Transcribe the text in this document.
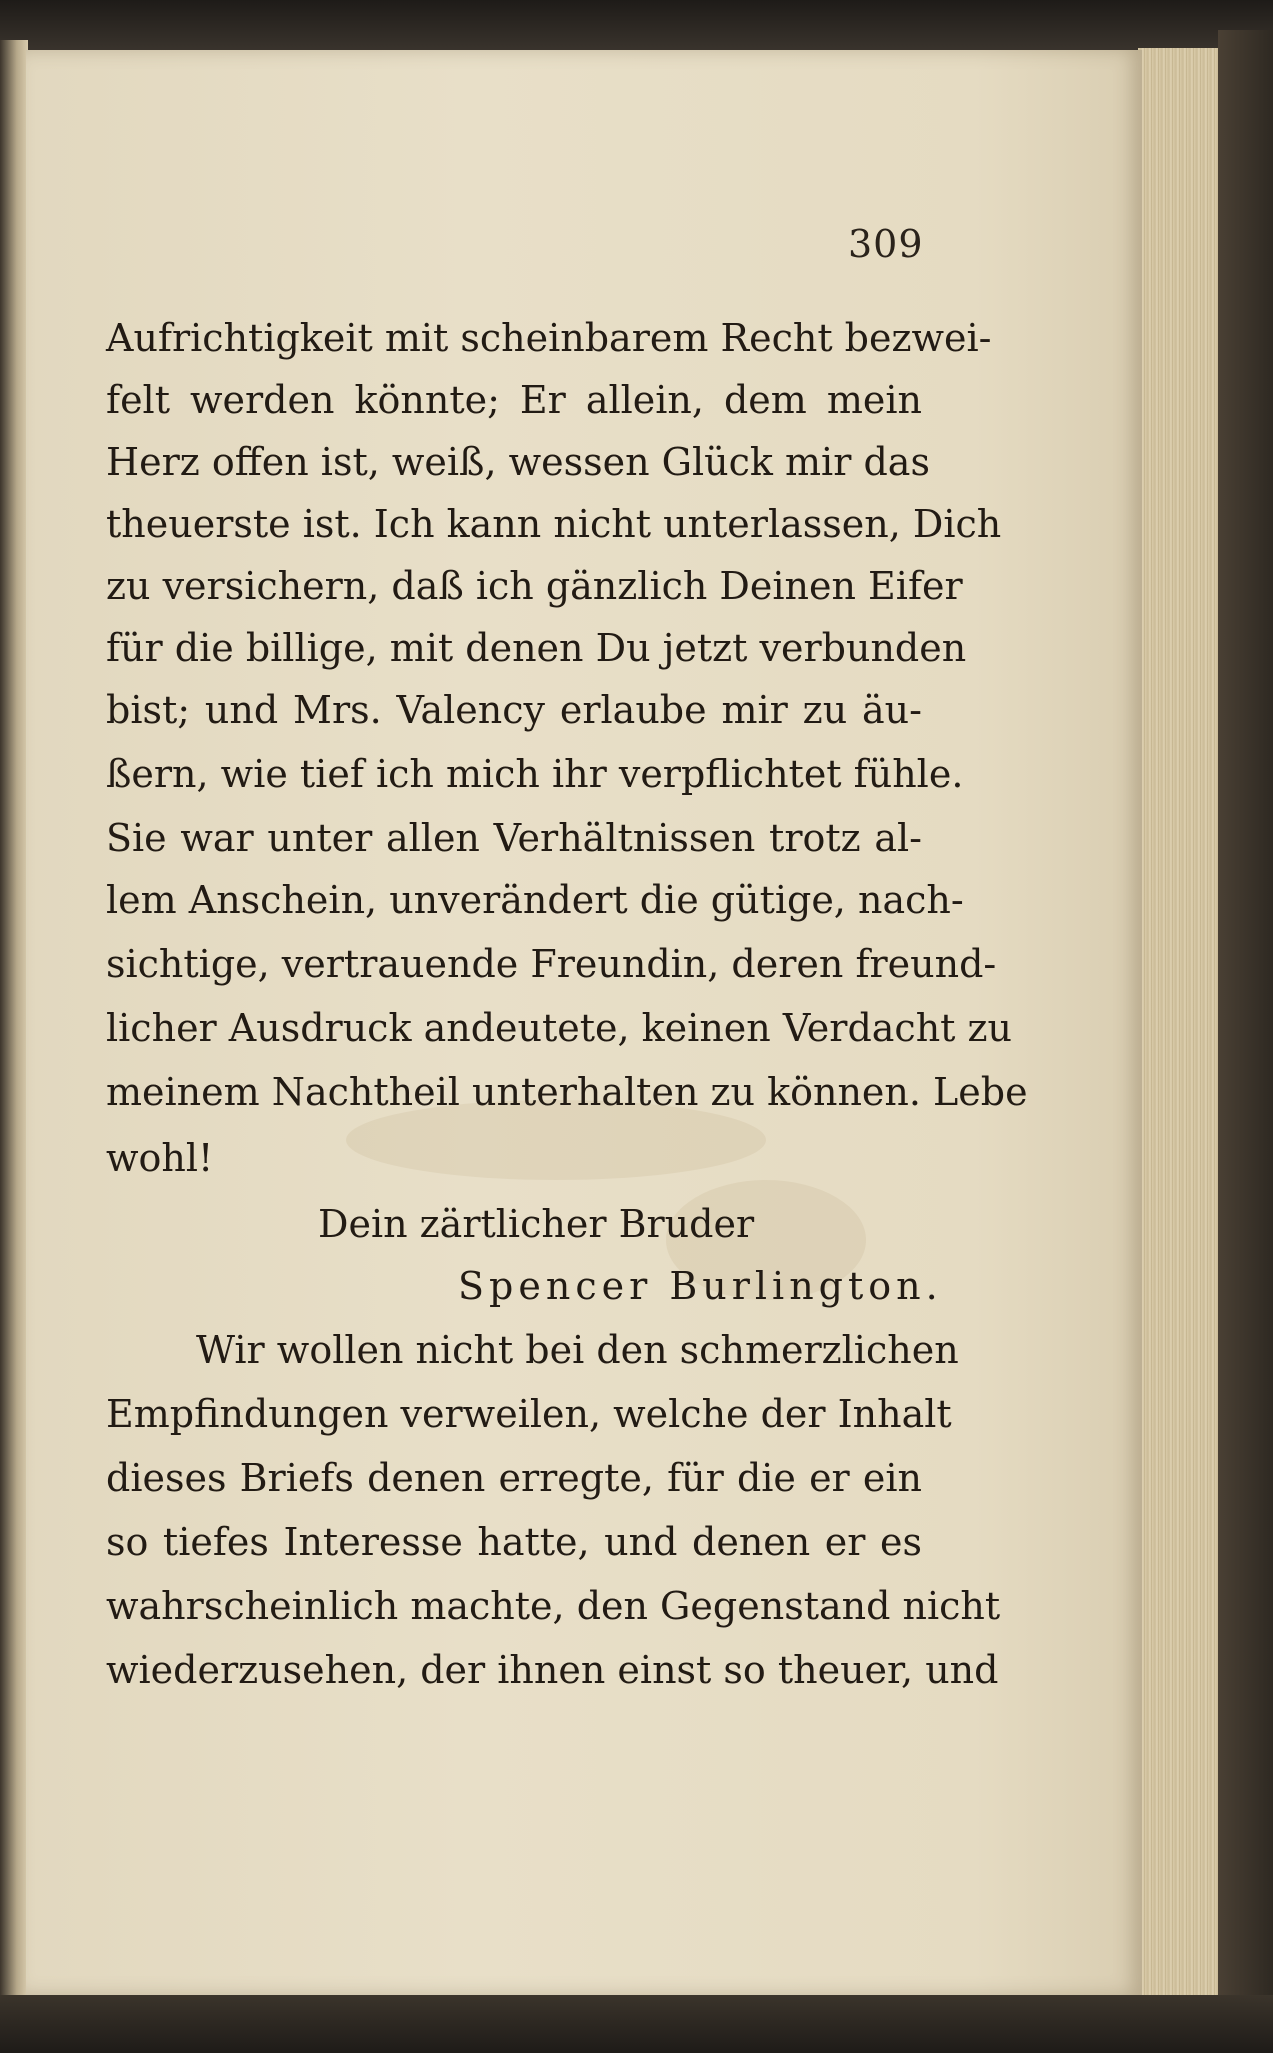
309
Aufrichtigkeit mit scheinbarem Recht bezwei-
felt werden könnte; Er allein, dem mein
Herz offen ist, weiß, wessen Glück mir das
theuerste ist. Ich kann nicht unterlassen, Dich
zu versichern, daß ich gänzlich Deinen Eifer
für die billige, mit denen Du jetzt verbunden
bist; und Mrs. Valency erlaube mir zu äu-
ßern, wie tief ich mich ihr verpflichtet fühle.
Sie war unter allen Verhältnissen trotz al-
lem Anschein, unverändert die gütige, nach-
sichtige, vertrauende Freundin, deren freund-
licher Ausdruck andeutete, keinen Verdacht zu
meinem Nachtheil unterhalten zu können. Lebe
wohl!
Dein zärtlicher Bruder
Spencer Burlington.
Wir wollen nicht bei den schmerzlichen
Empfindungen verweilen, welche der Inhalt
dieses Briefs denen erregte, für die er ein
so tiefes Interesse hatte, und denen er es
wahrscheinlich machte, den Gegenstand nicht
wiederzusehen, der ihnen einst so theuer, und
